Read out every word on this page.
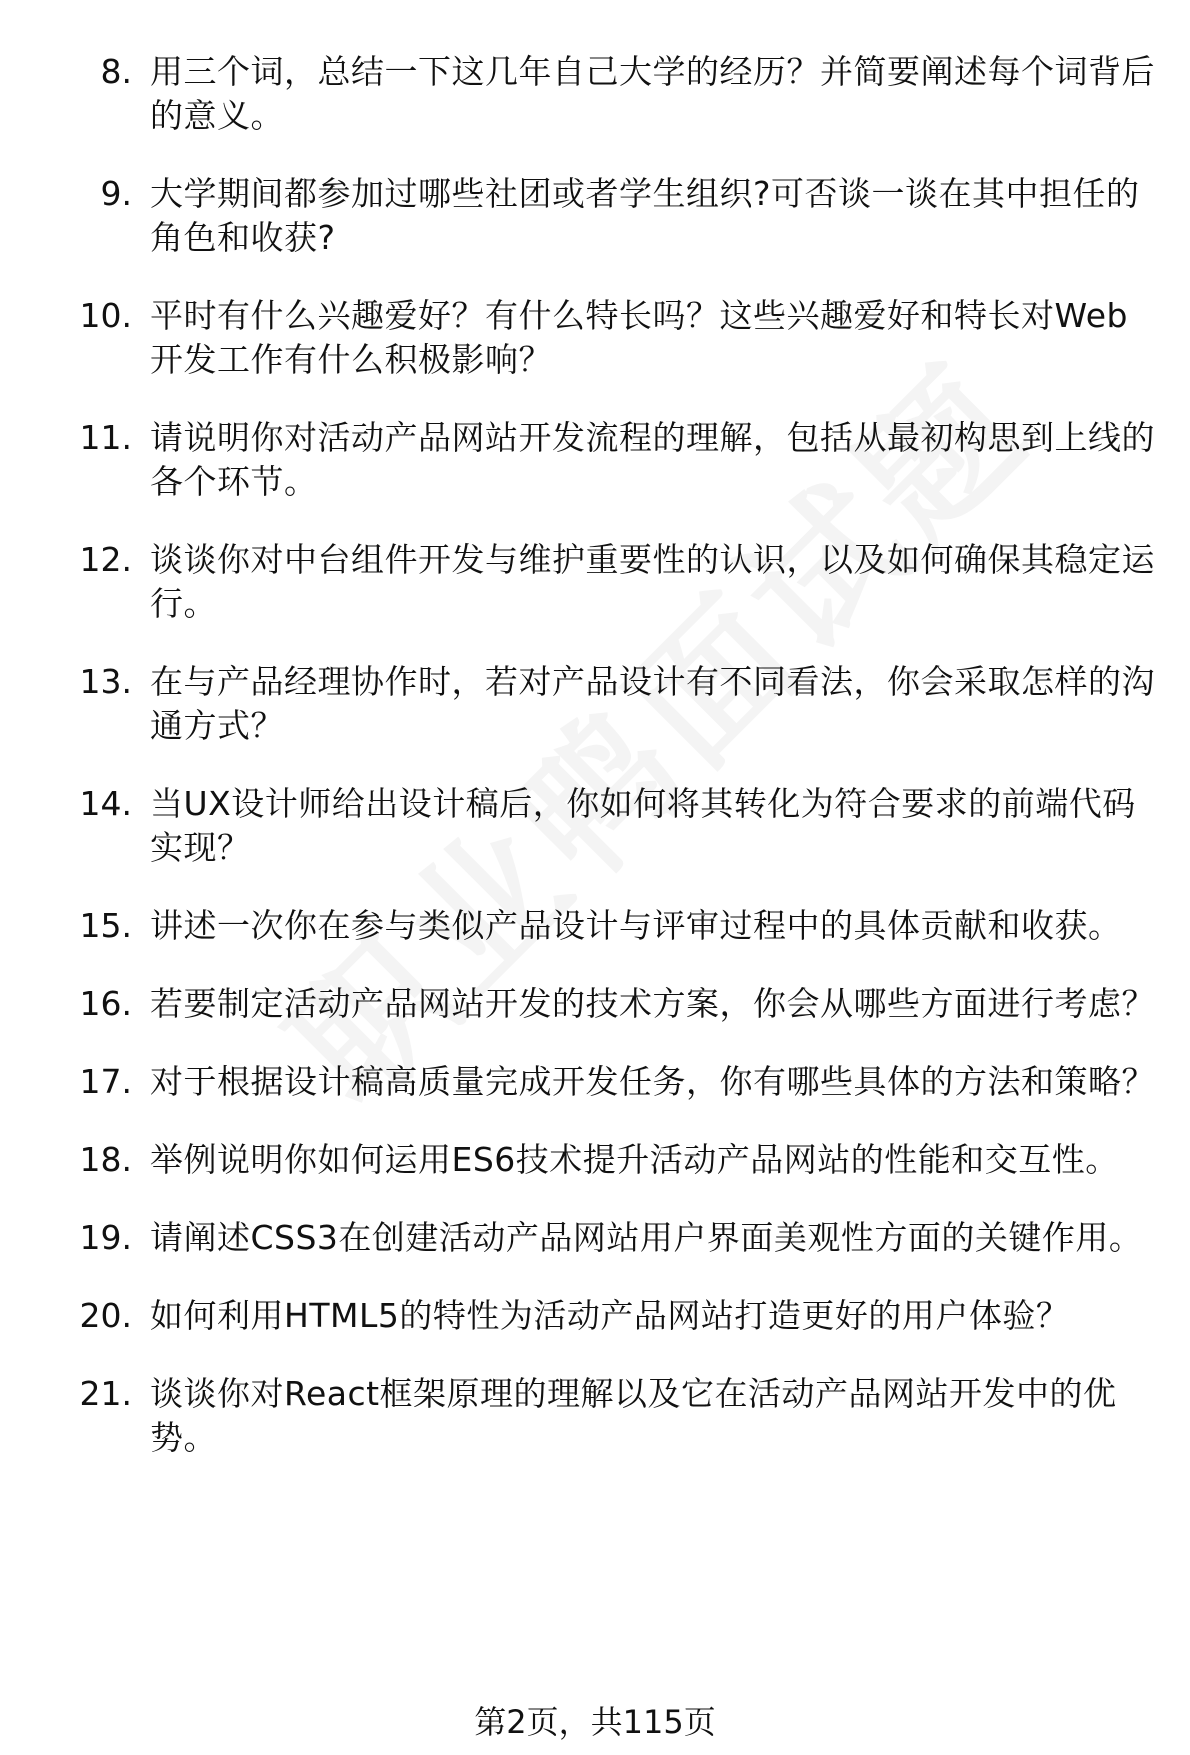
8. 用三个词，总结一下这几年自己大学的经历？并简要阐述每个词背后的意义。
9. 大学期间都参加过哪些社团或者学生组织?可否谈一谈在其中担任的角色和收获?
10. 平时有什么兴趣爱好？有什么特长吗？这些兴趣爱好和特长对Web开发工作有什么积极影响？
11. 请说明你对活动产品网站开发流程的理解，包括从最初构思到上线的各个环节。
12. 谈谈你对中台组件开发与维护重要性的认识，以及如何确保其稳定运行。
13. 在与产品经理协作时，若对产品设计有不同看法，你会采取怎样的沟通方式？
14. 当UX设计师给出设计稿后，你如何将其转化为符合要求的前端代码实现？
15. 讲述一次你在参与类似产品设计与评审过程中的具体贡献和收获。
16. 若要制定活动产品网站开发的技术方案，你会从哪些方面进行考虑？
17. 对于根据设计稿高质量完成开发任务，你有哪些具体的方法和策略？
18. 举例说明你如何运用ES6技术提升活动产品网站的性能和交互性。
19. 请阐述CSS3在创建活动产品网站用户界面美观性方面的关键作用。
20. 如何利用HTML5的特性为活动产品网站打造更好的用户体验？
21. 谈谈你对React框架原理的理解以及它在活动产品网站开发中的优势。
第2页，共115页
